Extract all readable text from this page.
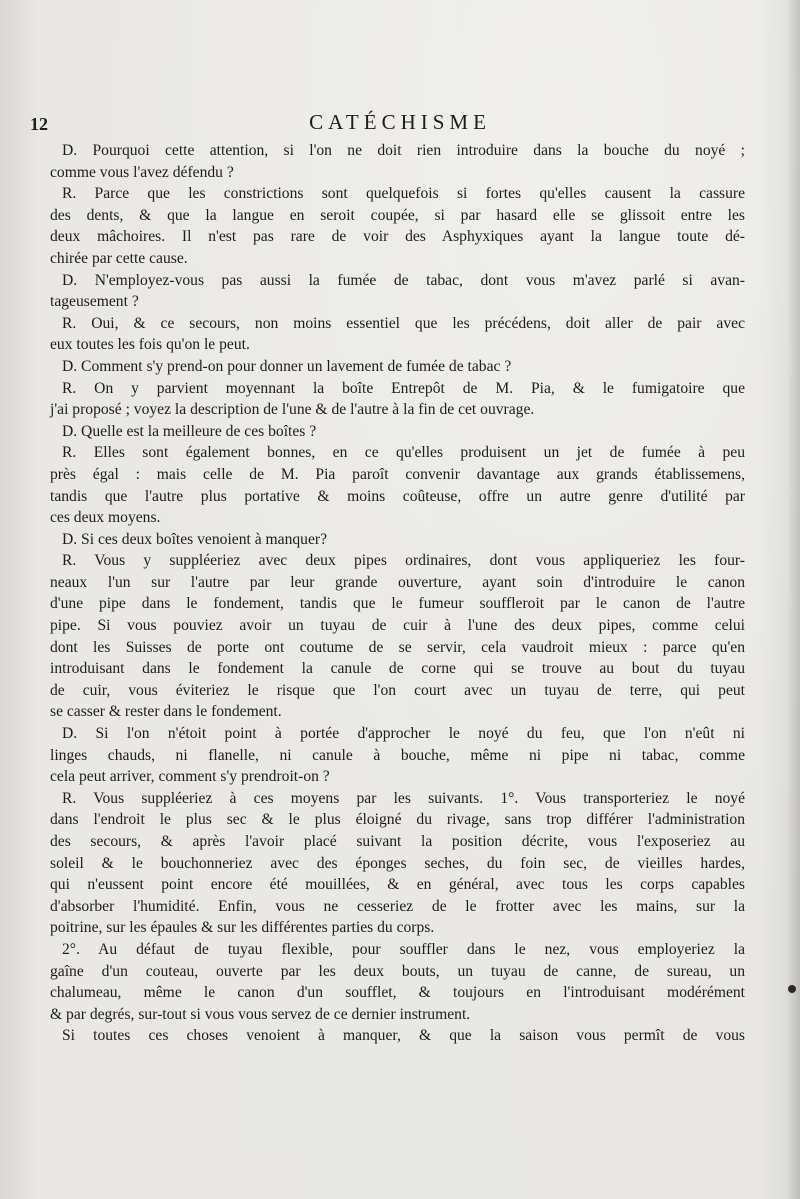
12	CATÉCHISME
D. Pourquoi cette attention, si l'on ne doit rien introduire dans la bouche du noyé ;
comme vous l'avez défendu ?
R. Parce que les constrictions sont quelquefois si fortes qu'elles causent la cassure
des dents, & que la langue en seroit coupée, si par hasard elle se glissoit entre les
deux mâchoires. Il n'est pas rare de voir des Asphyxiques ayant la langue toute dé-
chirée par cette cause.
D. N'employez-vous pas aussi la fumée de tabac, dont vous m'avez parlé si avan-
tageusement ?
R. Oui, & ce secours, non moins essentiel que les précédens, doit aller de pair avec
eux toutes les fois qu'on le peut.
D. Comment s'y prend-on pour donner un lavement de fumée de tabac ?
R. On y parvient moyennant la boîte Entrepôt de M. Pia, & le fumigatoire que
j'ai proposé ; voyez la description de l'une & de l'autre à la fin de cet ouvrage.
D. Quelle est la meilleure de ces boîtes ?
R. Elles sont également bonnes, en ce qu'elles produisent un jet de fumée à peu
près égal : mais celle de M. Pia paroît convenir davantage aux grands établissemens,
tandis que l'autre plus portative & moins coûteuse, offre un autre genre d'utilité par
ces deux moyens.
D. Si ces deux boîtes venoient à manquer?
R. Vous y suppléeriez avec deux pipes ordinaires, dont vous appliqueriez les four-
neaux l'un sur l'autre par leur grande ouverture, ayant soin d'introduire le canon
d'une pipe dans le fondement, tandis que le fumeur souffleroit par le canon de l'autre
pipe. Si vous pouviez avoir un tuyau de cuir à l'une des deux pipes, comme celui
dont les Suisses de porte ont coutume de se servir, cela vaudroit mieux : parce qu'en
introduisant dans le fondement la canule de corne qui se trouve au bout du tuyau
de cuir, vous éviteriez le risque que l'on court avec un tuyau de terre, qui peut
se casser & rester dans le fondement.
D. Si l'on n'étoit point à portée d'approcher le noyé du feu, que l'on n'eût ni
linges chauds, ni flanelle, ni canule à bouche, même ni pipe ni tabac, comme
cela peut arriver, comment s'y prendroit-on ?
R. Vous suppléeriez à ces moyens par les suivants. 1°. Vous transporteriez le noyé
dans l'endroit le plus sec & le plus éloigné du rivage, sans trop différer l'administration
des secours, & après l'avoir placé suivant la position décrite, vous l'exposeriez au
soleil & le bouchonneriez avec des éponges seches, du foin sec, de vieilles hardes,
qui n'eussent point encore été mouillées, & en général, avec tous les corps capables
d'absorber l'humidité. Enfin, vous ne cesseriez de le frotter avec les mains, sur la
poitrine, sur les épaules & sur les différentes parties du corps.
2°. Au défaut de tuyau flexible, pour souffler dans le nez, vous employeriez la
gaîne d'un couteau, ouverte par les deux bouts, un tuyau de canne, de sureau, un
chalumeau, même le canon d'un soufflet, & toujours en l'introduisant modérément
& par degrés, sur-tout si vous vous servez de ce dernier instrument.
Si toutes ces choses venoient à manquer, & que la saison vous permît de vous
